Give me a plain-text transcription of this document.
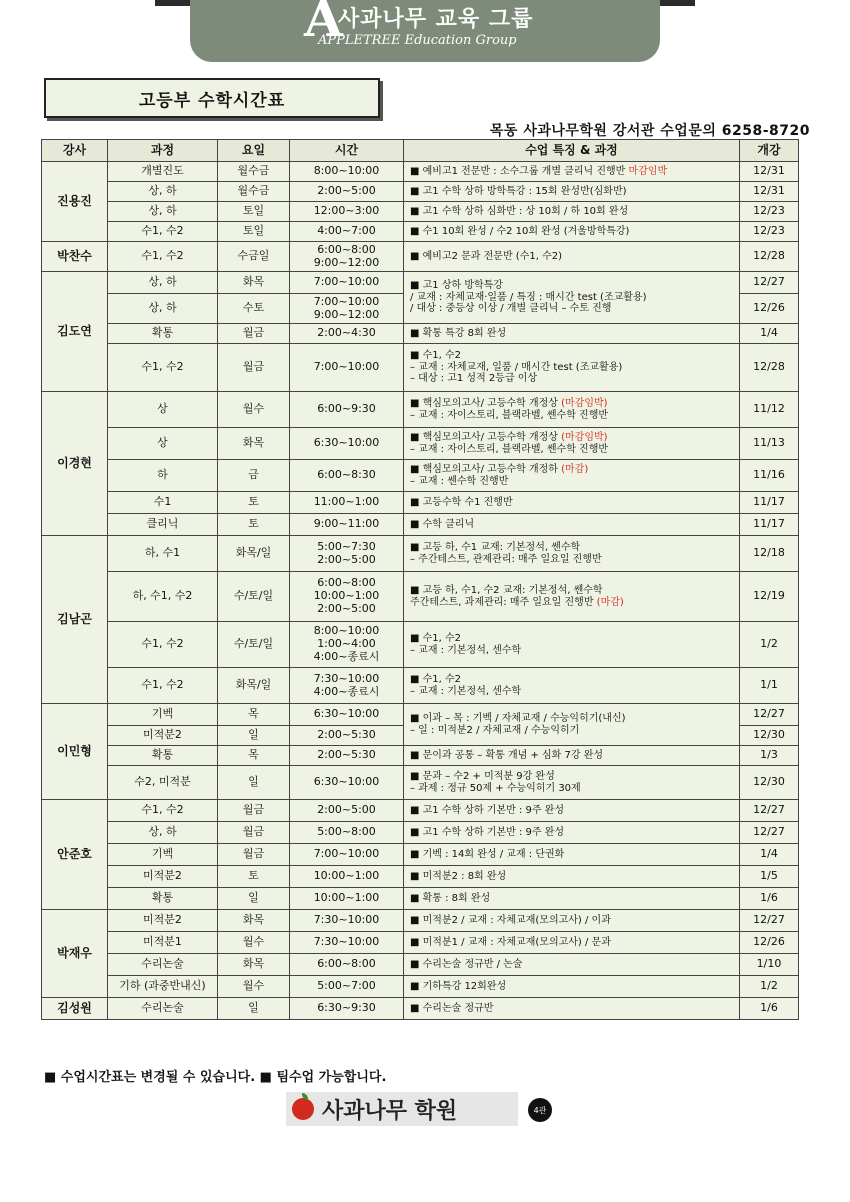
A
사과나무 교육 그룹
APPLETREE Education Group
고등부 수학시간표
목동 사과나무학원 강서관 수업문의 6258-8720
강사	과정	요일	시간	수업 특징 & 과정	개강
진용진	개별진도	월수금	8:00~10:00	■ 예비고1 전문반 : 소수그룹 개별 클리닉 진행반 마감임박	12/31
	상, 하	월수금	2:00~5:00	■ 고1 수학 상하 방학특강 : 15회 완성반(심화반)	12/31
	상, 하	토일	12:00~3:00	■ 고1 수학 상하 심화반 : 상 10회 / 하 10회 완성	12/23
	수1, 수2	토일	4:00~7:00	■ 수1 10회 완성 / 수2 10회 완성 (겨울방학특강)	12/23
박찬수	수1, 수2	수금일	6:00~8:00
9:00~12:00	■ 예비고2 문과 전문반 (수1, 수2)	12/28
김도연	상, 하	화목	7:00~10:00	■ 고1 상하 방학특강
/ 교재 : 자체교재·일품 / 특징 : 매시간 test (조교활용)
/ 대상 : 중등상 이상 / 개별 클리닉 – 수토 진행	12/27
	상, 하	수토	7:00~10:00
9:00~12:00		12/26
	확통	월금	2:00~4:30	■ 확통 특강 8회 완성	1/4
	수1, 수2	월금	7:00~10:00	■ 수1, 수2
– 교재 : 자체교재, 일품 / 매시간 test (조교활용)
– 대상 : 고1 성적 2등급 이상	12/28
이경현	상	월수	6:00~9:30	■ 핵심모의고사/ 고등수학 개정상 (마감임박)
– 교재 : 자이스토리, 블랙라벨, 쎈수학 진행반	11/12
	상	화목	6:30~10:00	■ 핵심모의고사/ 고등수학 개정상 (마감임박)
– 교재 : 자이스토리, 블랙라벨, 쎈수학 진행반	11/13
	하	금	6:00~8:30	■ 핵심모의고사/ 고등수학 개정하 (마감)
– 교재 : 쎈수학 진행반	11/16
	수1	토	11:00~1:00	■ 고등수학 수1 진행반	11/17
	클리닉	토	9:00~11:00	■ 수학 클리닉	11/17
김남곤	하, 수1	화목/일	5:00~7:30
2:00~5:00	■ 고등 하, 수1 교재: 기본정석, 쎈수학
– 주간테스트, 관제관리: 매주 일요일 진행반	12/18
	하, 수1, 수2	수/토/일	6:00~8:00
10:00~1:00
2:00~5:00	■ 고등 하, 수1, 수2 교재: 기본정석, 쎈수학
주간테스트, 과제관리: 매주 일요일 진행반 (마감)	12/19
	수1, 수2	수/토/일	8:00~10:00
1:00~4:00
4:00~종료시	■ 수1, 수2
– 교재 : 기본정석, 센수학	1/2
	수1, 수2	화목/일	7:30~10:00
4:00~종료시	■ 수1, 수2
– 교재 : 기본정석, 센수학	1/1
이민형	기벡	목	6:30~10:00	■ 이과 – 목 : 기벡 / 자체교재 / 수능익히기(내신)
– 일 : 미적분2 / 자체교재 / 수능익히기	12/27
	미적분2	일	2:00~5:30		12/30
	확통	목	2:00~5:30	■ 문이과 공통 – 확통 개념 + 심화 7강 완성	1/3
	수2, 미적분	일	6:30~10:00	■ 문과 – 수2 + 미적분 9강 완성
– 과제 : 정규 50제 + 수능익히기 30제	12/30
안준호	수1, 수2	월금	2:00~5:00	■ 고1 수학 상하 기본반 : 9주 완성	12/27
	상, 하	월금	5:00~8:00	■ 고1 수학 상하 기본반 : 9주 완성	12/27
	기벡	월금	7:00~10:00	■ 기벡 : 14회 완성 / 교재 : 단권화	1/4
	미적분2	토	10:00~1:00	■ 미적분2 : 8회 완성	1/5
	확통	일	10:00~1:00	■ 확통 : 8회 완성	1/6
박재우	미적분2	화목	7:30~10:00	■ 미적분2 / 교재 : 자체교재(모의고사) / 이과	12/27
	미적분1	월수	7:30~10:00	■ 미적분1 / 교재 : 자체교재(모의고사) / 문과	12/26
	수리논술	화목	6:00~8:00	■ 수리논술 정규반 / 논술	1/10
	기하 (과중반내신)	월수	5:00~7:00	■ 기하특강 12회완성	1/2
김성원	수리논술	일	6:30~9:30	■ 수리논술 정규반	1/6
■ 수업시간표는 변경될 수 있습니다. ■ 팀수업 가능합니다.
사과나무 학원	4관
